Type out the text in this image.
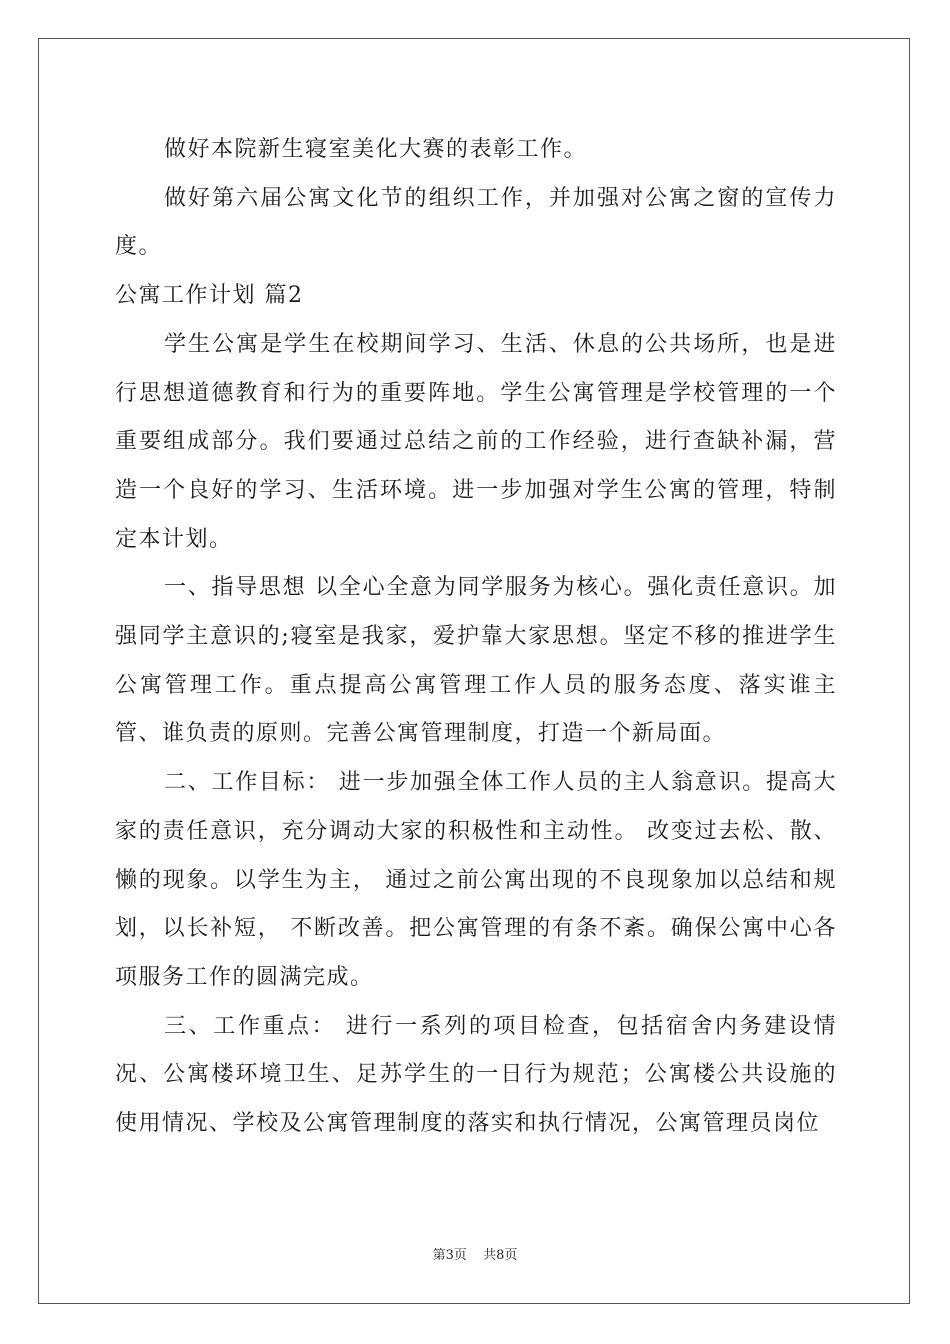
做好本院新生寝室美化大赛的表彰工作。

做好第六届公寓文化节的组织工作，并加强对公寓之窗的宣传力度。

公寓工作计划 篇2

学生公寓是学生在校期间学习、生活、休息的公共场所，也是进行思想道德教育和行为的重要阵地。学生公寓管理是学校管理的一个重要组成部分。我们要通过总结之前的工作经验，进行查缺补漏，营造一个良好的学习、生活环境。进一步加强对学生公寓的管理，特制定本计划。

一、指导思想 以全心全意为同学服务为核心。强化责任意识。加强同学主意识的;寝室是我家，爱护靠大家思想。坚定不移的推进学生公寓管理工作。重点提高公寓管理工作人员的服务态度、落实谁主管、谁负责的原则。完善公寓管理制度，打造一个新局面。

二、工作目标： 进一步加强全体工作人员的主人翁意识。提高大家的责任意识，充分调动大家的积极性和主动性。 改变过去松、散、懒的现象。以学生为主， 通过之前公寓出现的不良现象加以总结和规划，以长补短， 不断改善。把公寓管理的有条不紊。确保公寓中心各项服务工作的圆满完成。

三、工作重点： 进行一系列的项目检查，包括宿舍内务建设情况、公寓楼环境卫生、足苏学生的一日行为规范；公寓楼公共设施的使用情况、学校及公寓管理制度的落实和执行情况，公寓管理员岗位

第3页 共8页
